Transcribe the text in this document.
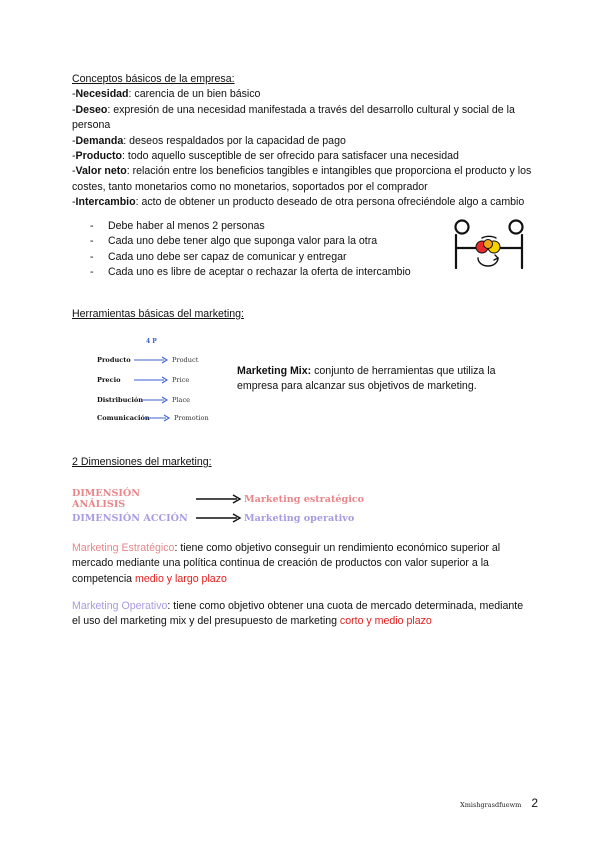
Conceptos básicos de la empresa:
-Necesidad: carencia de un bien básico
-Deseo: expresión de una necesidad manifestada a través del desarrollo cultural y social de la persona
-Demanda: deseos respaldados por la capacidad de pago
-Producto: todo aquello susceptible de ser ofrecido para satisfacer una necesidad
-Valor neto: relación entre los beneficios tangibles e intangibles que proporciona el producto y los costes, tanto monetarios como no monetarios, soportados por el comprador
-Intercambio: acto de obtener un producto deseado de otra persona ofreciéndole algo a cambio
- Debe haber al menos 2 personas
- Cada uno debe tener algo que suponga valor para la otra
- Cada uno debe ser capaz de comunicar y entregar
- Cada uno es libre de aceptar o rechazar la oferta de intercambio
Herramientas básicas del marketing:
4 P
Producto	Product
Precio	Price
Distribución	Place
Comunicación	Promotion
Marketing Mix: conjunto de herramientas que utiliza la empresa para alcanzar sus objetivos de marketing.
2 Dimensiones del marketing:
DIMENSIÓN ANÁLISIS	Marketing estratégico
DIMENSIÓN ACCIÓN	Marketing operativo
Marketing Estratégico: tiene como objetivo conseguir un rendimiento económico superior al mercado mediante una política continua de creación de productos con valor superior a la competencia medio y largo plazo
Marketing Operativo: tiene como objetivo obtener una cuota de mercado determinada, mediante el uso del marketing mix y del presupuesto de marketing corto y medio plazo
Xmishgrasdfuewm 2
